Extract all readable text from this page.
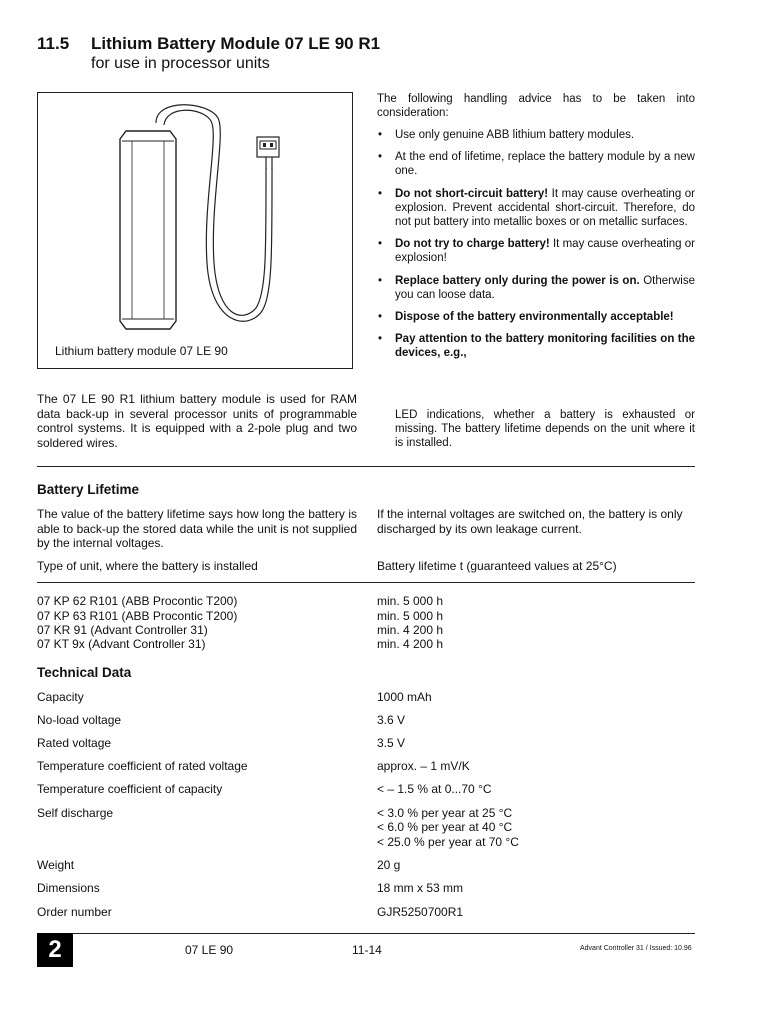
11.5 Lithium Battery Module 07 LE 90 R1
for use in processor units
Lithium battery module 07 LE 90
The 07 LE 90 R1 lithium battery module is used for RAM data back-up in several processor units of programmable control systems. It is equipped with a 2-pole plug and two soldered wires.
The following handling advice has to be taken into consideration:
• Use only genuine ABB lithium battery modules.
• At the end of lifetime, replace the battery module by a new one.
• Do not short-circuit battery! It may cause overheating or explosion. Prevent accidental short-circuit. Therefore, do not put battery into metallic boxes or on metallic surfaces.
• Do not try to charge battery! It may cause overheating or explosion!
• Replace battery only during the power is on. Otherwise you can loose data.
• Dispose of the battery environmentally acceptable!
• Pay attention to the battery monitoring facilities on the devices, e.g.,
LED indications, whether a battery is exhausted or missing. The battery lifetime depends on the unit where it is installed.
Battery Lifetime
The value of the battery lifetime says how long the battery is able to back-up the stored data while the unit is not supplied by the internal voltages.
If the internal voltages are switched on, the battery is only discharged by its own leakage current.
Type of unit, where the battery is installed	Battery lifetime t (guaranteed values at 25°C)
07 KP 62 R101 (ABB Procontic T200)	min. 5 000 h
07 KP 63 R101 (ABB Procontic T200)	min. 5 000 h
07 KR 91 (Advant Controller 31)	min. 4 200 h
07 KT 9x (Advant Controller 31)	min. 4 200 h
Technical Data
Capacity	1000 mAh
No-load voltage	3.6 V
Rated voltage	3.5 V
Temperature coefficient of rated voltage	approx. – 1 mV/K
Temperature coefficient of capacity	< – 1.5 % at 0...70 °C
Self discharge	< 3.0 % per year at 25 °C
< 6.0 % per year at 40 °C
< 25.0 % per year at 70 °C
Weight	20 g
Dimensions	18 mm x 53 mm
Order number	GJR5250700R1
2	07 LE 90	11-14	Advant Controller 31 / Issued: 10.96
